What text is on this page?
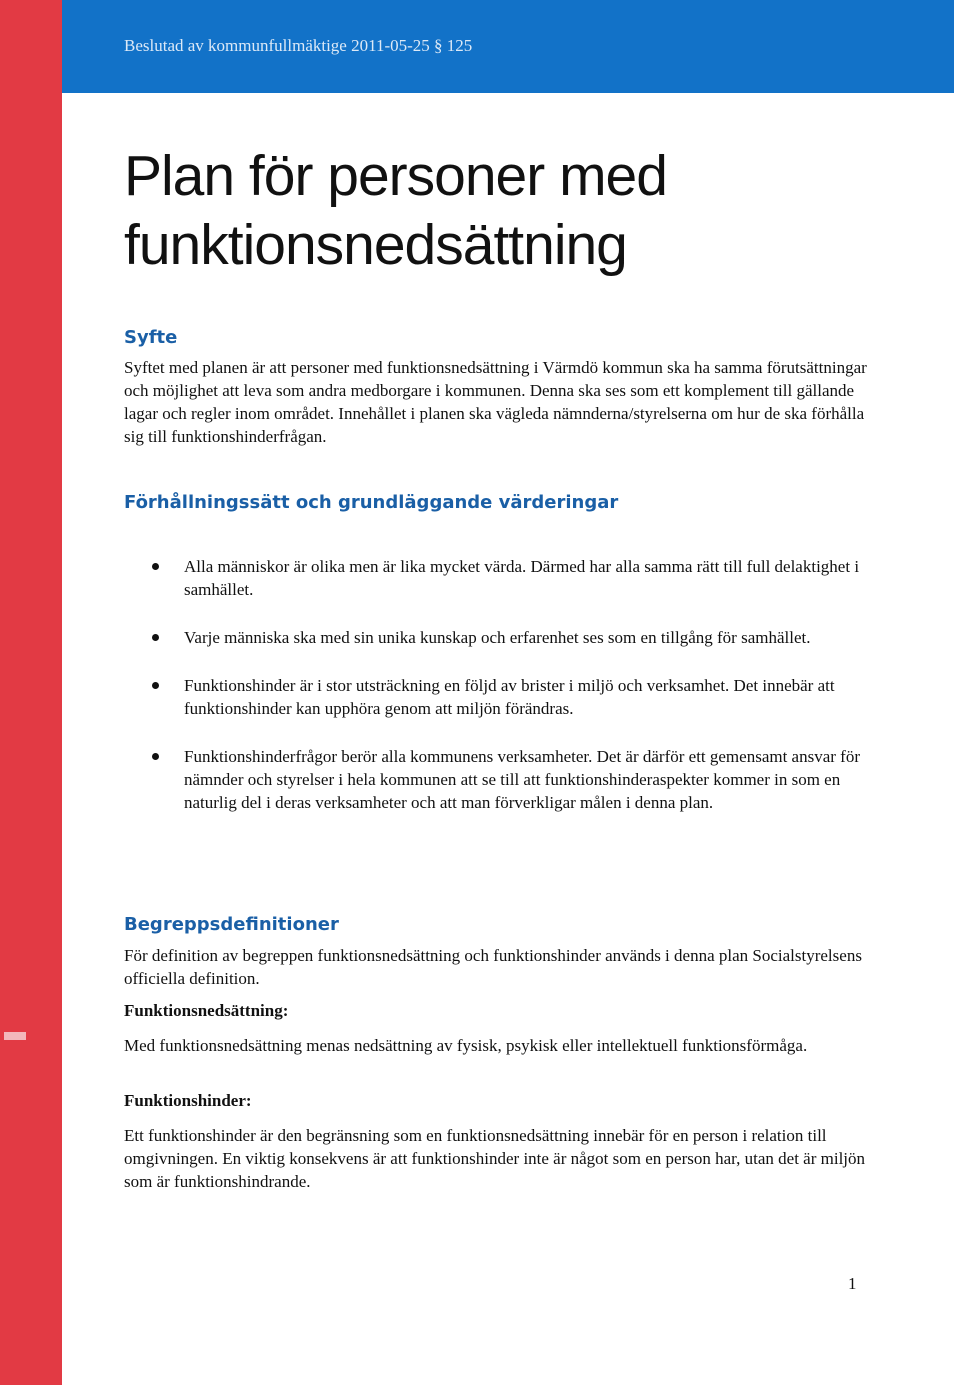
Beslutad av kommunfullmäktige 2011-05-25 § 125
Plan för personer med
funktionsnedsättning
Syfte

Syftet med planen är att personer med funktionsnedsättning i Värmdö kommun ska ha samma förutsättningar och möjlighet att leva som andra medborgare i kommunen. Denna ska ses som ett komplement till gällande lagar och regler inom området. Innehållet i planen ska vägleda nämnderna/styrelserna om hur de ska förhålla sig till funktionshinderfrågan.

Förhållningssätt och grundläggande värderingar
Alla människor är olika men är lika mycket värda. Därmed har alla samma rätt till full delaktighet i samhället.
Varje människa ska med sin unika kunskap och erfarenhet ses som en tillgång för samhället.
Funktionshinder är i stor utsträckning en följd av brister i miljö och verksamhet. Det innebär att funktionshinder kan upphöra genom att miljön förändras.
Funktionshinderfrågor berör alla kommunens verksamheter. Det är därför ett gemensamt ansvar för nämnder och styrelser i hela kommunen att se till att funktionshinderaspekter kommer in som en naturlig del i deras verksamheter och att man förverkligar målen i denna plan.
Begreppsdefinitioner

För definition av begreppen funktionsnedsättning och funktionshinder används i denna plan Socialstyrelsens officiella definition.

Funktionsnedsättning:

Med funktionsnedsättning menas nedsättning av fysisk, psykisk eller intellektuell funktionsförmåga.

Funktionshinder:

Ett funktionshinder är den begränsning som en funktionsnedsättning innebär för en person i relation till omgivningen. En viktig konsekvens är att funktionshinder inte är något som en person har, utan det är miljön som är funktionshindrande.

1
